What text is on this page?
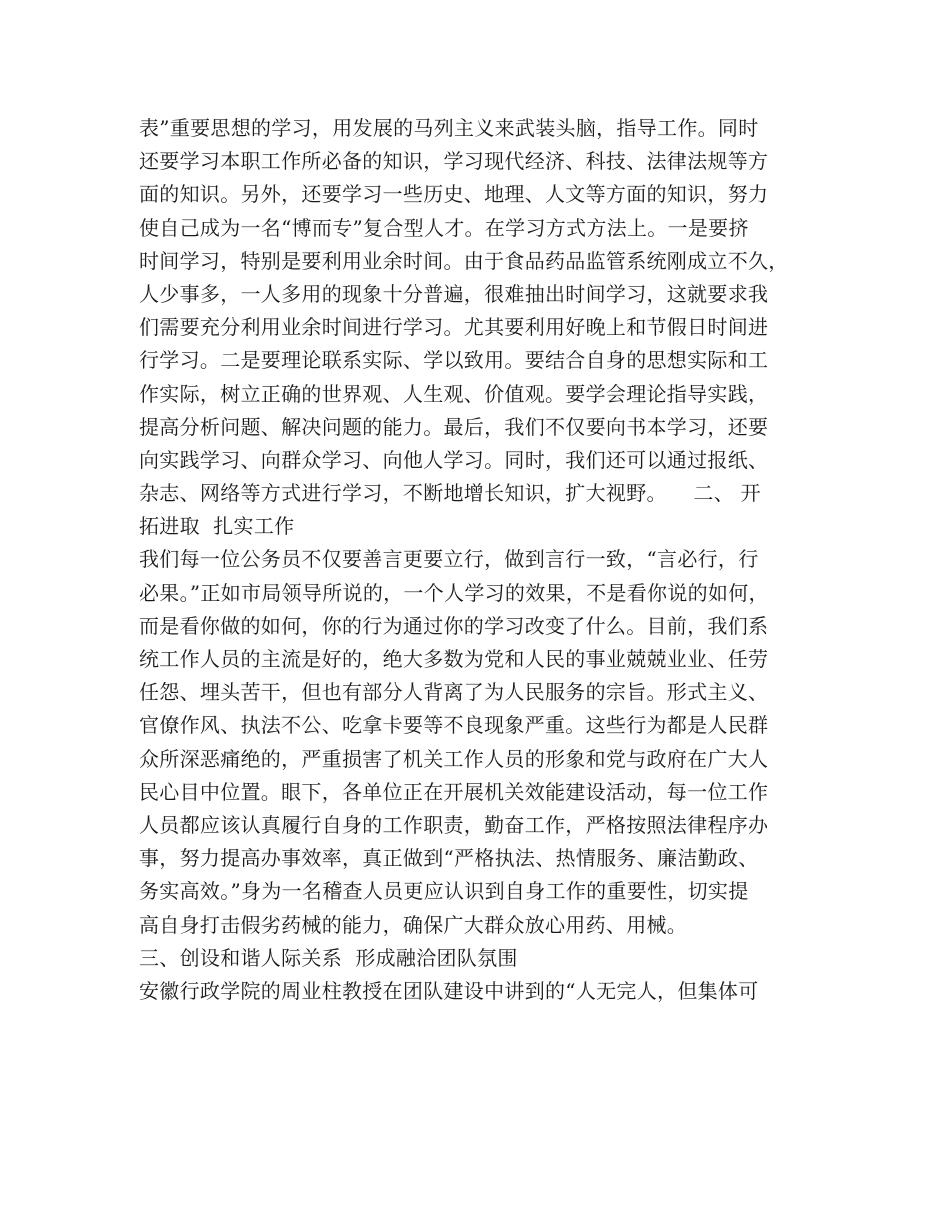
表”重要思想的学习，用发展的马列主义来武装头脑，指导工作。同时
还要学习本职工作所必备的知识，学习现代经济、科技、法律法规等方
面的知识。另外，还要学习一些历史、地理、人文等方面的知识，努力
使自己成为一名“博而专”复合型人才。在学习方式方法上。一是要挤
时间学习，特别是要利用业余时间。由于食品药品监管系统刚成立不久，
人少事多，一人多用的现象十分普遍，很难抽出时间学习，这就要求我
们需要充分利用业余时间进行学习。尤其要利用好晚上和节假日时间进
行学习。二是要理论联系实际、学以致用。要结合自身的思想实际和工
作实际，树立正确的世界观、人生观、价值观。要学会理论指导实践，
提高分析问题、解决问题的能力。最后，我们不仅要向书本学习，还要
向实践学习、向群众学习、向他人学习。同时，我们还可以通过报纸、
杂志、网络等方式进行学习，不断地增长知识，扩大视野。    二、 开
拓进取  扎实工作
我们每一位公务员不仅要善言更要立行，做到言行一致，“言必行，行
必果。”正如市局领导所说的，一个人学习的效果，不是看你说的如何，
而是看你做的如何，你的行为通过你的学习改变了什么。目前，我们系
统工作人员的主流是好的，绝大多数为党和人民的事业兢兢业业、任劳
任怨、埋头苦干，但也有部分人背离了为人民服务的宗旨。形式主义、
官僚作风、执法不公、吃拿卡要等不良现象严重。这些行为都是人民群
众所深恶痛绝的，严重损害了机关工作人员的形象和党与政府在广大人
民心目中位置。眼下，各单位正在开展机关效能建设活动，每一位工作
人员都应该认真履行自身的工作职责，勤奋工作，严格按照法律程序办
事，努力提高办事效率，真正做到“严格执法、热情服务、廉洁勤政、
务实高效。”身为一名稽查人员更应认识到自身工作的重要性，切实提
高自身打击假劣药械的能力，确保广大群众放心用药、用械。
三、创设和谐人际关系  形成融洽团队氛围
安徽行政学院的周业柱教授在团队建设中讲到的“人无完人，但集体可
